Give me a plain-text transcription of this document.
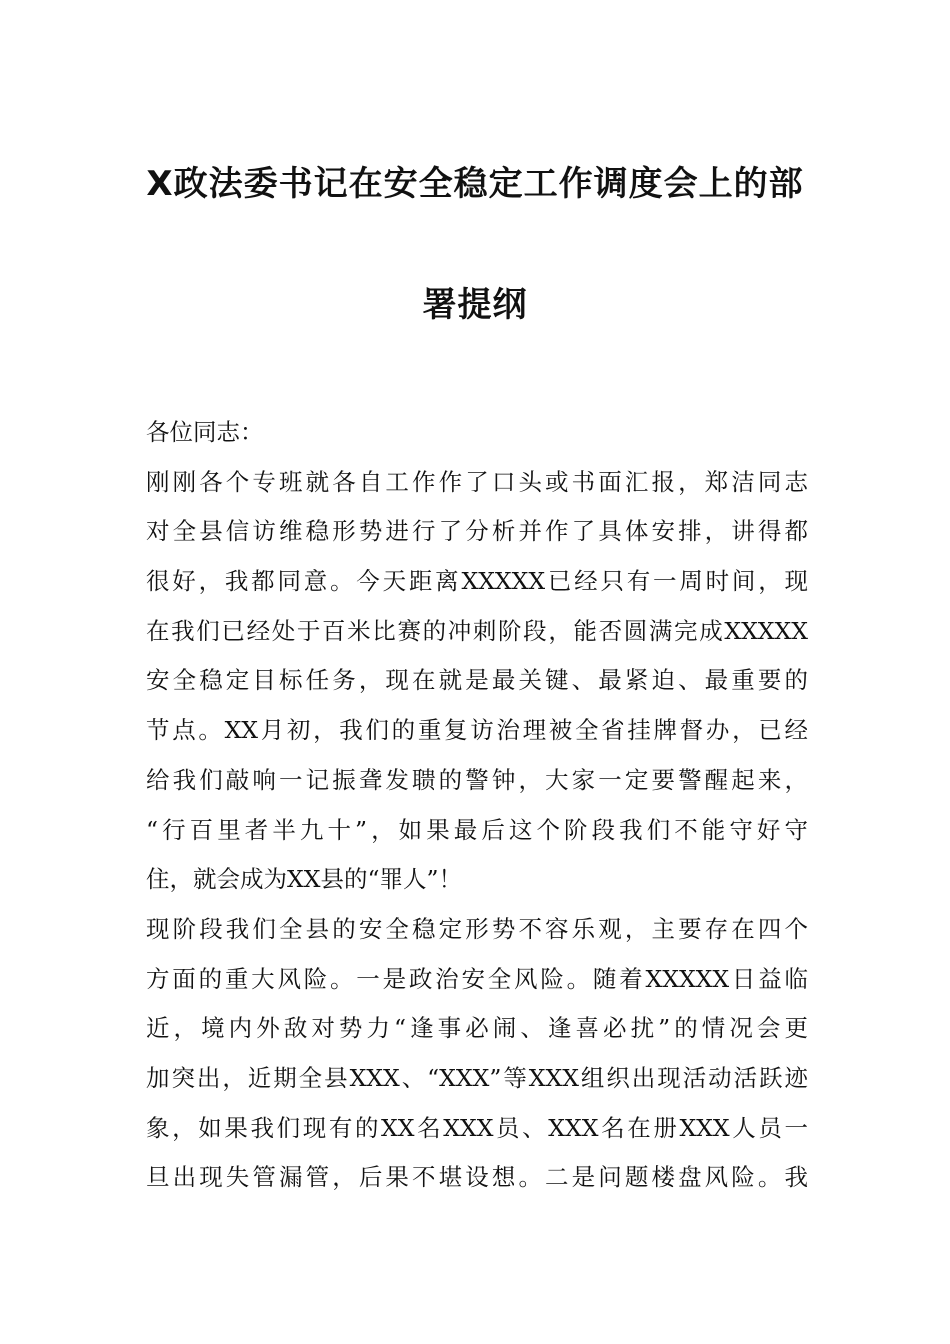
X政法委书记在安全稳定工作调度会上的部
署提纲
各位同志：
刚刚各个专班就各自工作作了口头或书面汇报，郑洁同志
对全县信访维稳形势进行了分析并作了具体安排，讲得都
很好，我都同意。今天距离XXXXX已经只有一周时间，现
在我们已经处于百米比赛的冲刺阶段，能否圆满完成XXXXX
安全稳定目标任务，现在就是最关键、最紧迫、最重要的
节点。XX月初，我们的重复访治理被全省挂牌督办，已经
给我们敲响一记振聋发聩的警钟，大家一定要警醒起来，
“行百里者半九十”，如果最后这个阶段我们不能守好守
住，就会成为XX县的“罪人”！
现阶段我们全县的安全稳定形势不容乐观，主要存在四个
方面的重大风险。一是政治安全风险。随着XXXXX日益临
近，境内外敌对势力“逢事必闹、逢喜必扰”的情况会更
加突出，近期全县XXX、“XXX”等XXX组织出现活动活跃迹
象，如果我们现有的XX名XXX员、XXX名在册XXX人员一
旦出现失管漏管，后果不堪设想。二是问题楼盘风险。我
